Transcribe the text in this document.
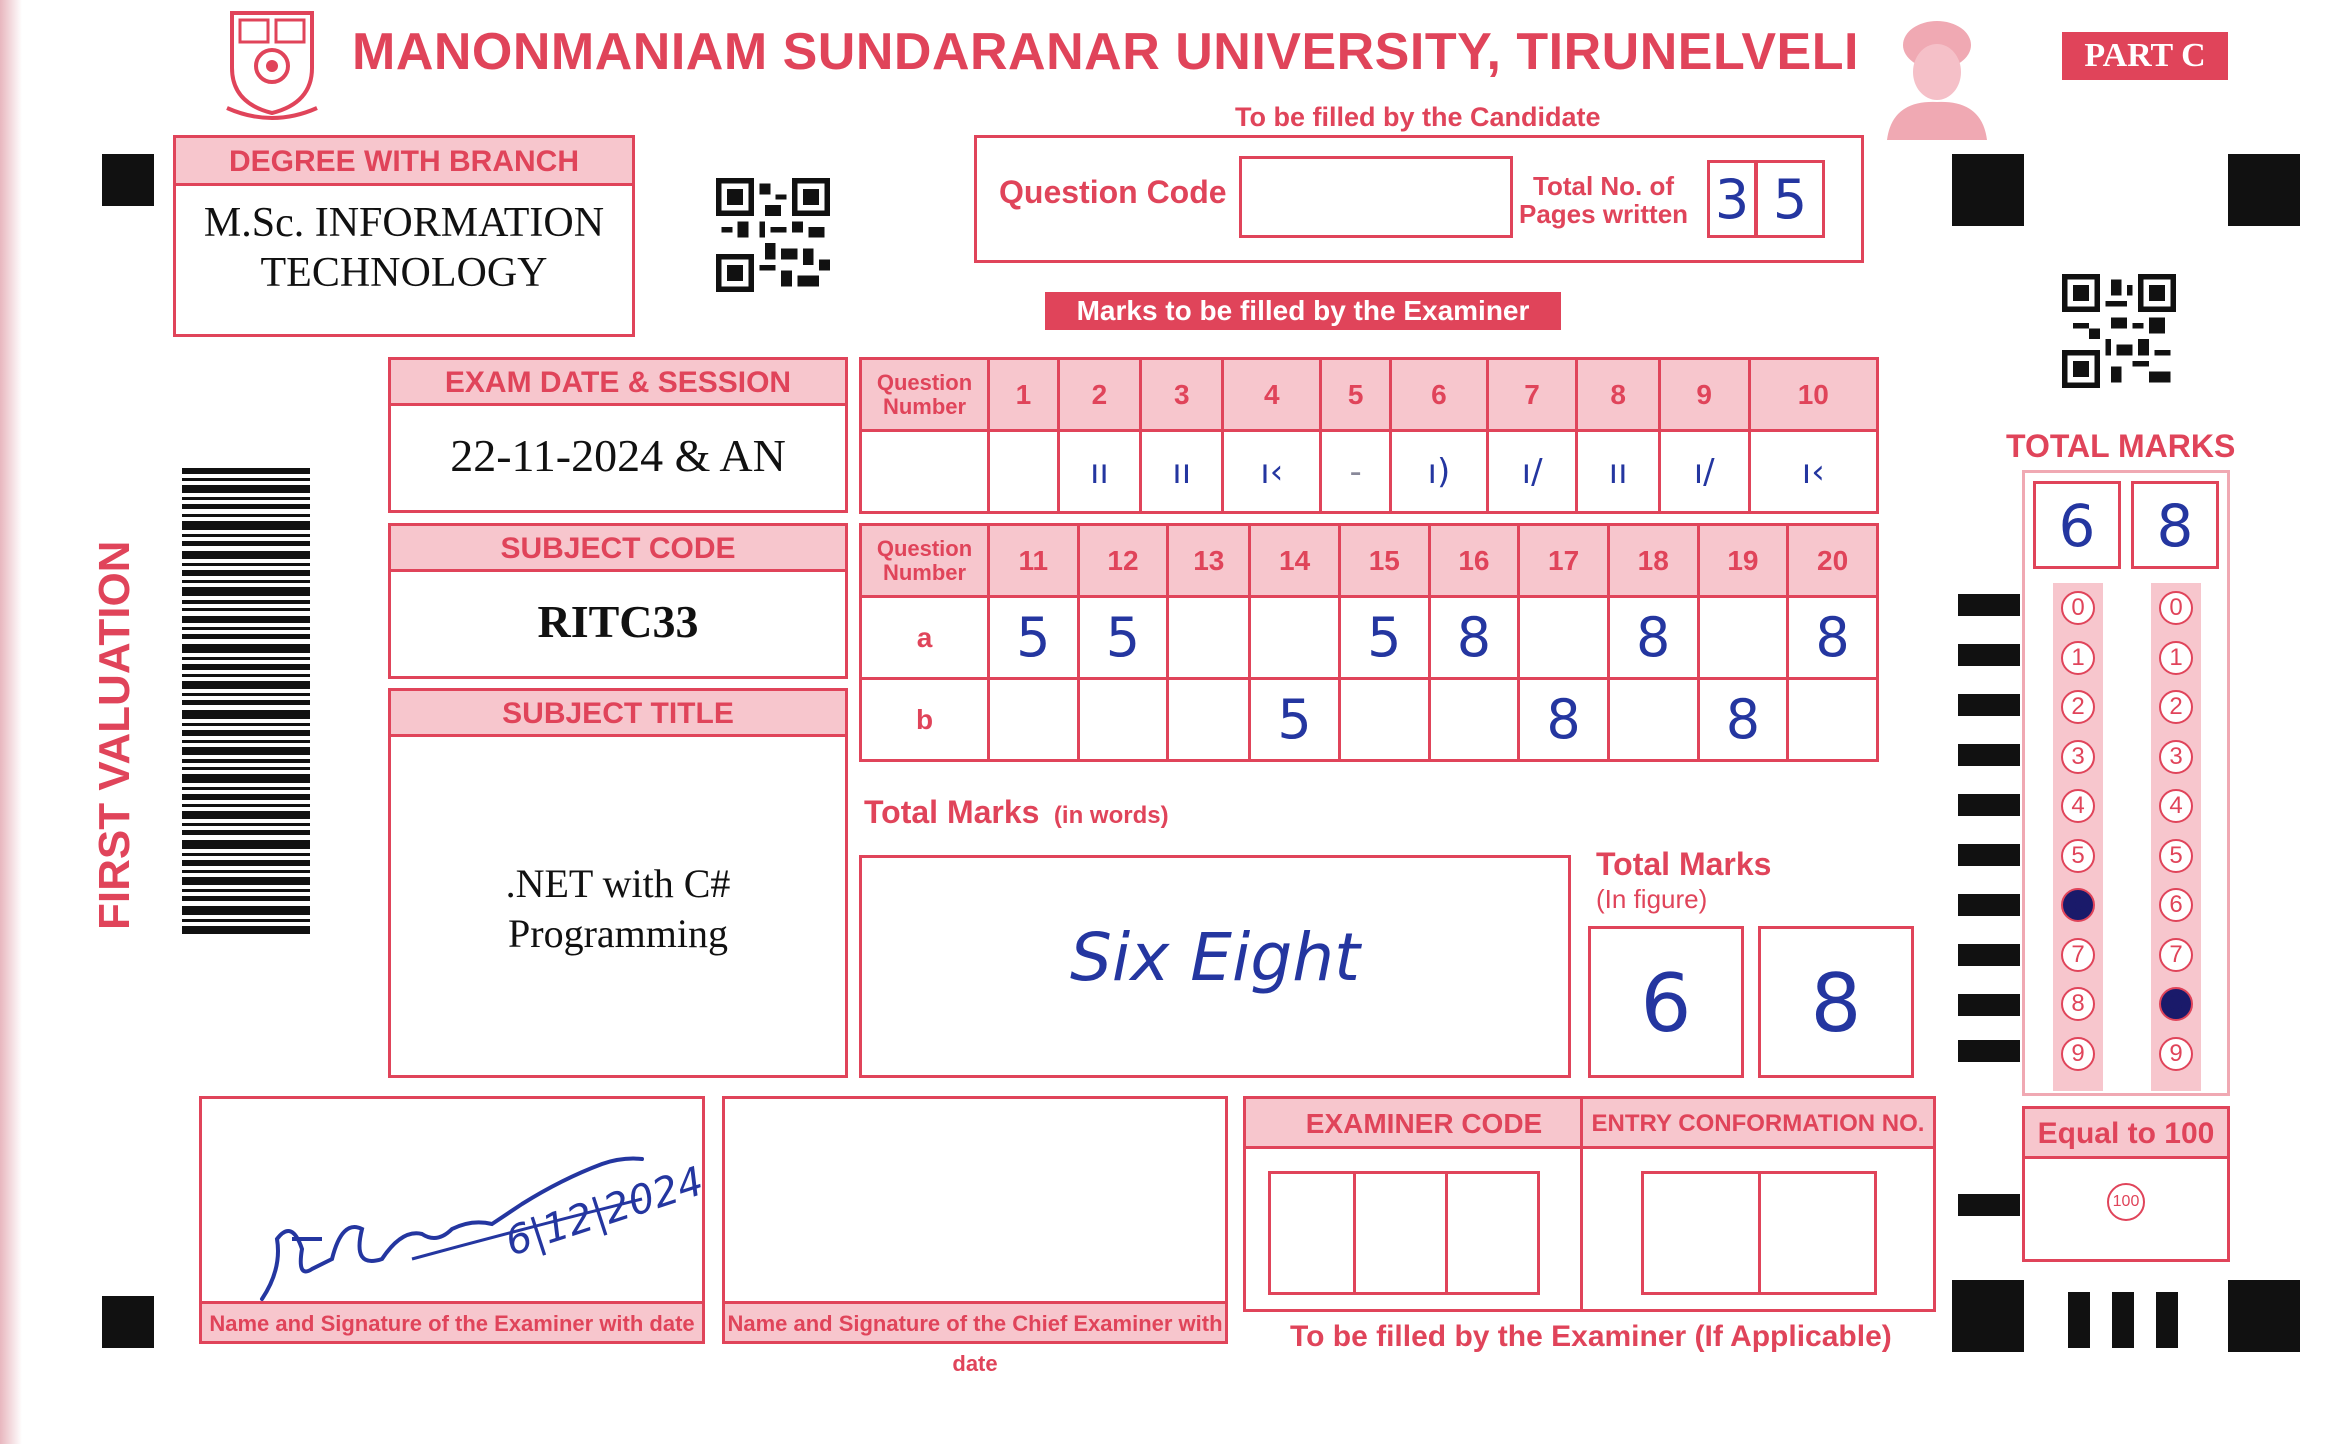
MANONMANIAM SUNDARANAR UNIVERSITY, TIRUNELVELI	PART C
To be filled by the Candidate
DEGREE WITH BRANCH
M.Sc. INFORMATION
TECHNOLOGY
Question Code	Total No. of
Pages written 3 5
Marks to be filled by the Examiner
FIRST VALUATION
EXAM DATE & SESSION
22-11-2024 & AN
SUBJECT CODE
RITC33
SUBJECT TITLE
.NET with C#
Programming
Question
Number	1	2	3	4	5	6	7	8	9	10
		ıı	ıı	ı‹	-	ı)	ı/	ıı	ı/	ı‹
Question
Number	11	12	13	14	15	16	17	18	19	20
a	5	5			5	8		8		8
b				5			8		8	
Total Marks (in words)
Six Eight
Total Marks
(In figure)
6	8
TOTAL MARKS
6	8
0
1
2
3
4
5
6
7
8
9
0
1
2
3
4
5
6
7
8
9
Equal to 100
100
6|12|2024
Name and Signature of the Examiner with date	Name and Signature of the Chief Examiner with date
EXAMINER CODE	ENTRY CONFORMATION NO.
To be filled by the Examiner (If Applicable)
